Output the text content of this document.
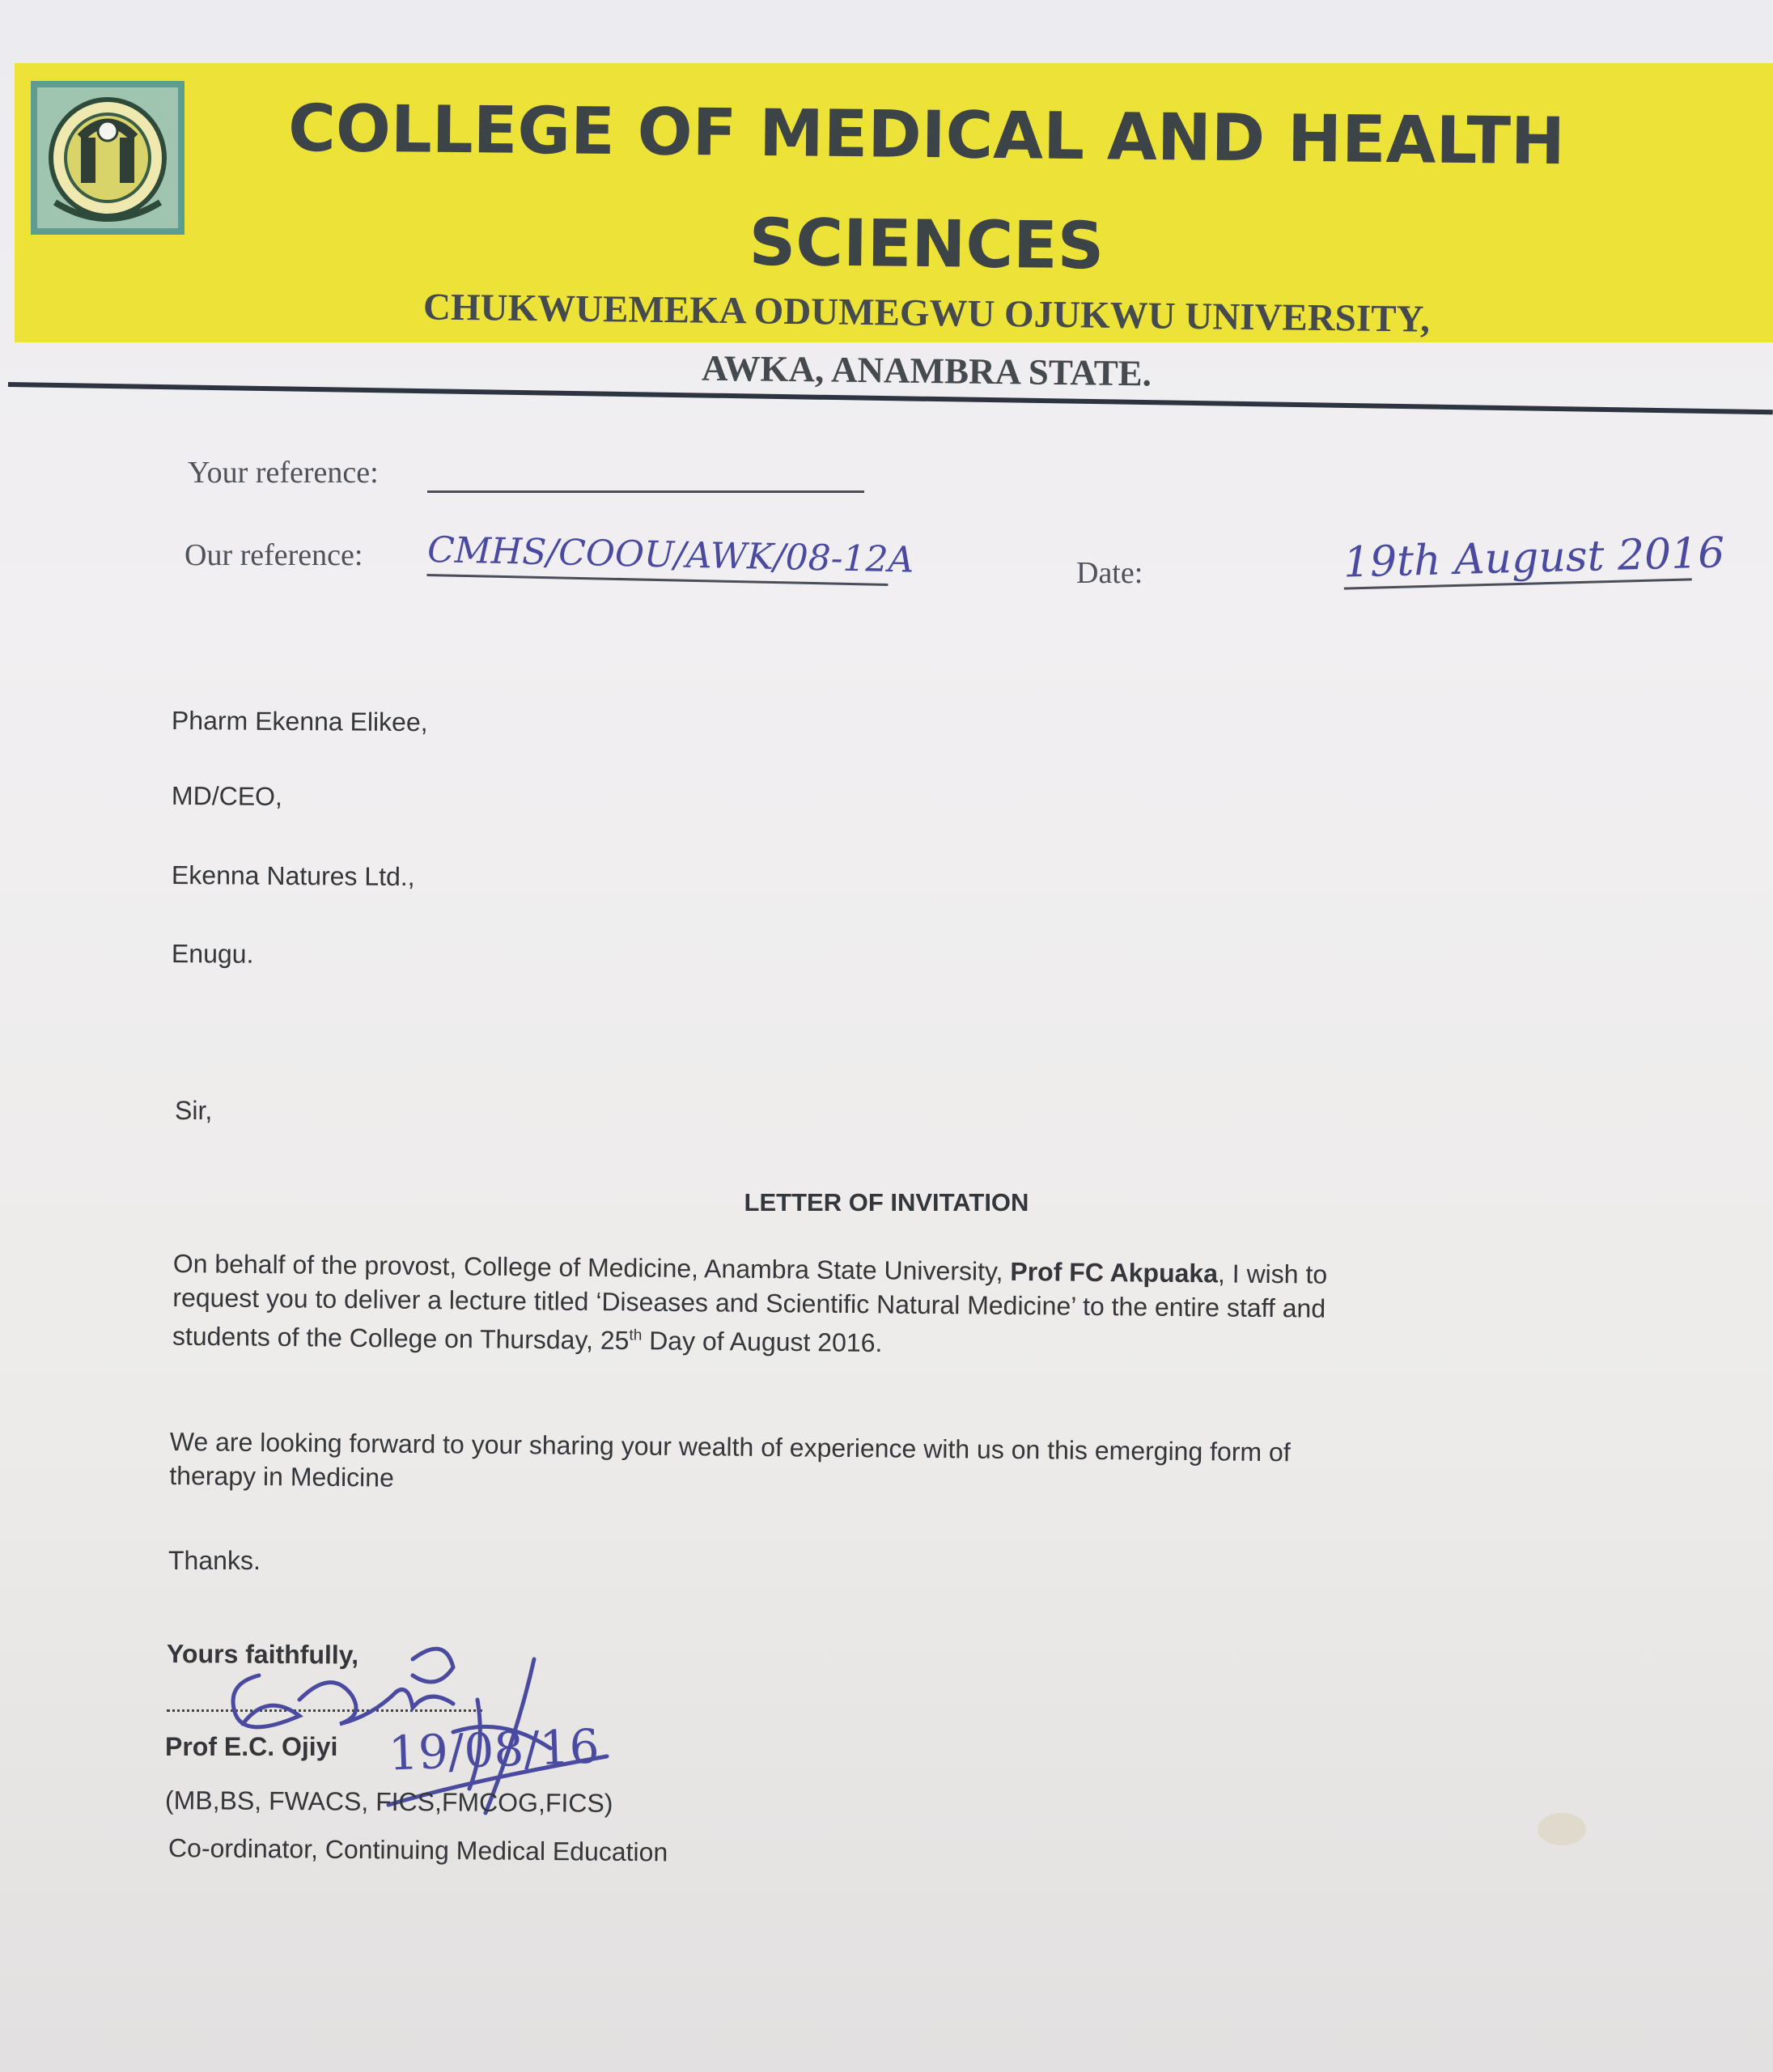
COLLEGE OF MEDICAL AND HEALTH
SCIENCES
CHUKWUEMEKA ODUMEGWU OJUKWU UNIVERSITY,
AWKA, ANAMBRA STATE.
Your reference:
Our reference: CMHS/COOU/AWK/08-12A	Date:	19th August 2016
Pharm Ekenna Elikee,
MD/CEO,
Ekenna Natures Ltd.,
Enugu.
Sir,
LETTER OF INVITATION
On behalf of the provost, College of Medicine, Anambra State University, Prof FC Akpuaka, I wish to
request you to deliver a lecture titled ‘Diseases and Scientific Natural Medicine’ to the entire staff and
students of the College on Thursday, 25th Day of August 2016.
We are looking forward to your sharing your wealth of experience with us on this emerging form of
therapy in Medicine
Thanks.
Yours faithfully,
Prof E.C. Ojiyi 19/08/16
(MB,BS, FWACS, FICS,FMCOG,FICS)
Co-ordinator, Continuing Medical Education
